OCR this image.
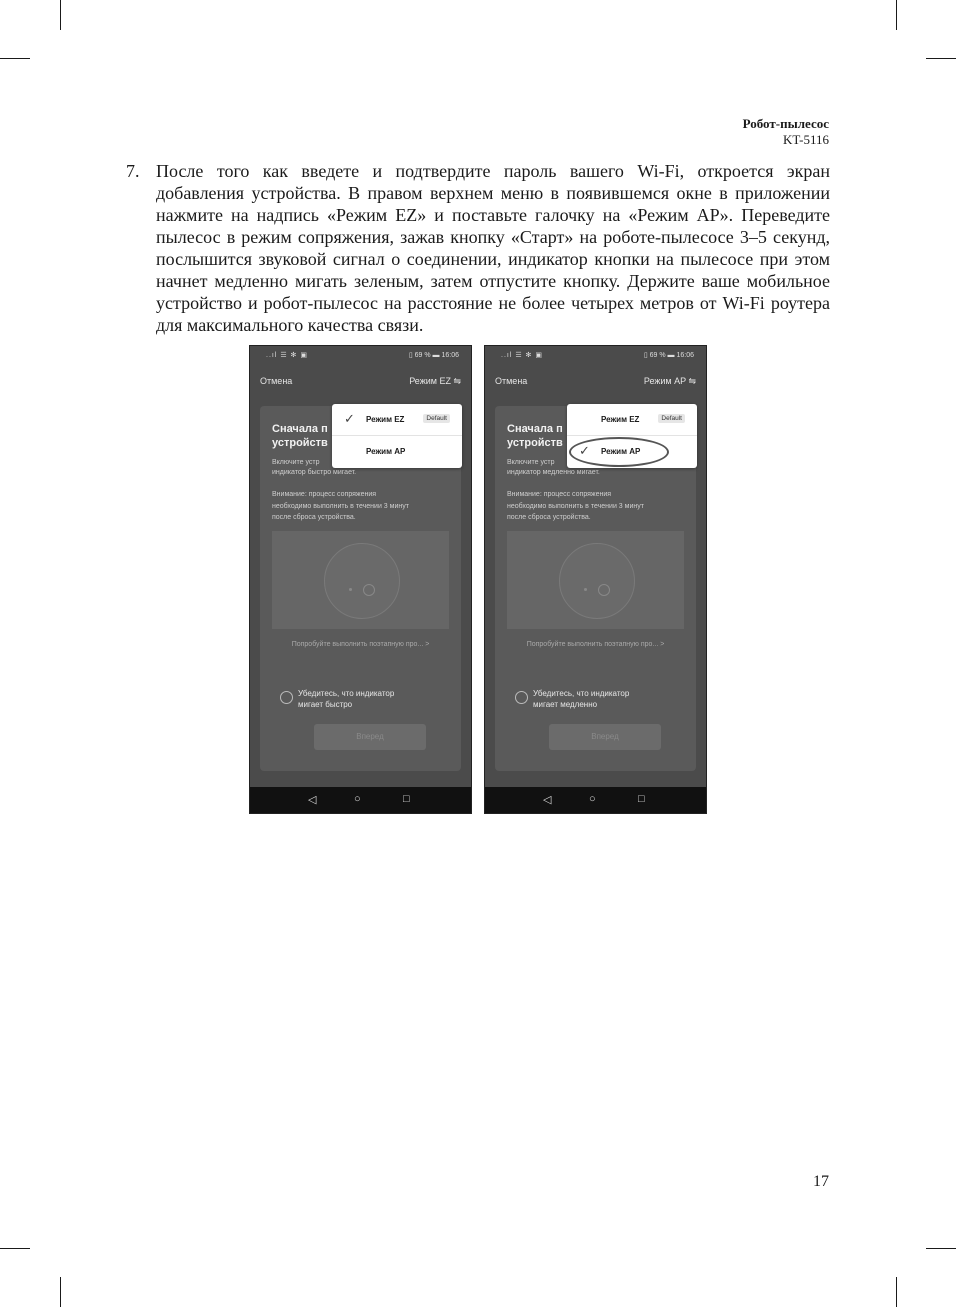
Робот-пылесос
KT-5116
7. После того как введете и подтвердите пароль вашего Wi-Fi, откроется экран добавления устройства. В правом верхнем меню в появившемся окне в приложении нажмите на надпись «Режим EZ» и поставьте галочку на «Режим AP». Переведите пылесос в режим сопряжения, зажав кнопку «Старт» на роботе-пылесосе 3–5 секунд, послышится звуковой сигнал о соединении, индикатор кнопки на пылесосе при этом начнет медленно мигать зеленым, затем отпустите кнопку. Держите ваше мобильное устройство и робот-пылесос на расстояние не более четырех метров от Wi-Fi роутера для максимального качества связи.
..ıl ☰ ✻ ▣	▯ 69 % ▬ 16:06
Отмена	Режим EZ ⇋
Сначала п
устройств
Включите устр
индикатор быстро мигает.
Внимание: процесс сопряжения
необходимо выполнить в течении 3 минут
после сброса устройства.
Попробуйте выполнить поэтапную про... >
Убедитесь, что индикатор
мигает быстро
Вперед
✓ Режим EZ	Default
Режим AP
◁	○	□
..ıl ☰ ✻ ▣	▯ 69 % ▬ 16:06
Отмена	Режим AP ⇋
Сначала п
устройств
Включите устр
индикатор медленно мигает.
Внимание: процесс сопряжения
необходимо выполнить в течении 3 минут
после сброса устройства.
Попробуйте выполнить поэтапную про... >
Убедитесь, что индикатор
мигает медленно
Вперед
Режим EZ	Default
✓ Режим AP
◁	○	□
17
